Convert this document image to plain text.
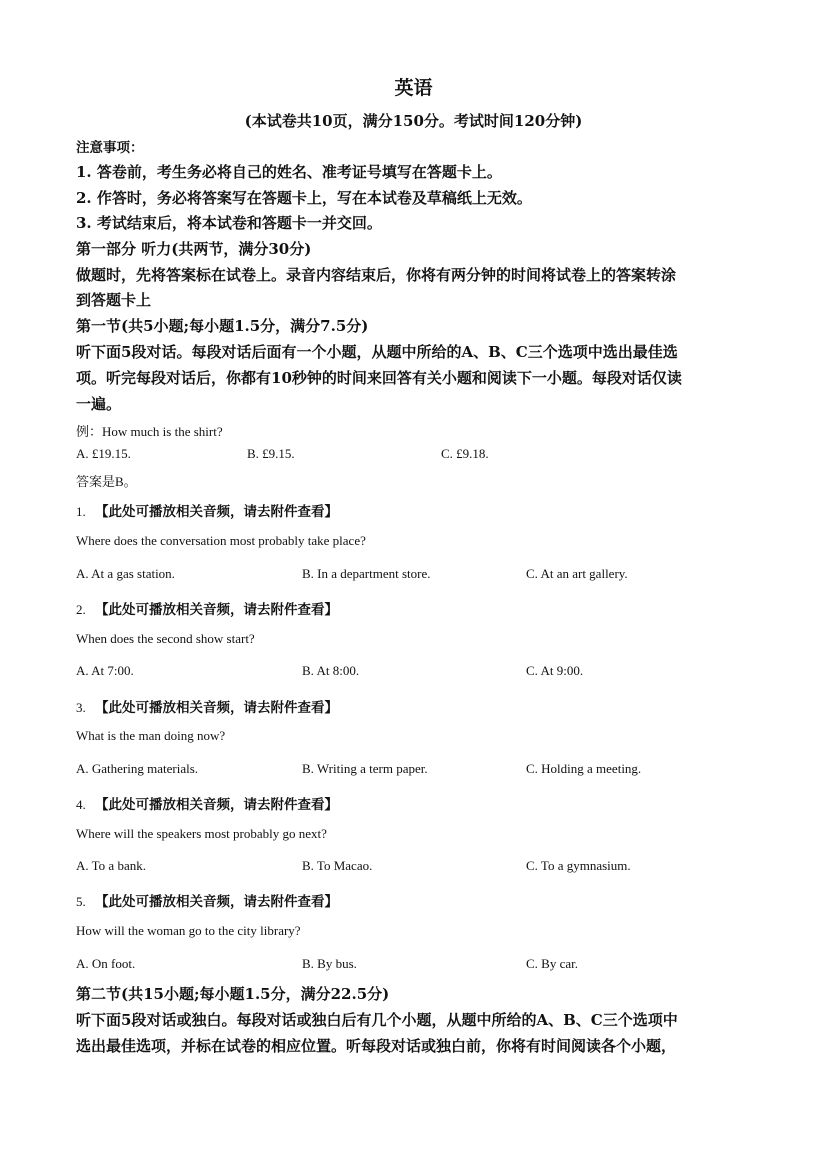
英语
(本试卷共10页，满分150分。考试时间120分钟)
注意事项：
1. 答卷前，考生务必将自己的姓名、准考证号填写在答题卡上。
2. 作答时，务必将答案写在答题卡上，写在本试卷及草稿纸上无效。
3. 考试结束后，将本试卷和答题卡一并交回。
第一部分 听力(共两节，满分30分)
做题时，先将答案标在试卷上。录音内容结束后，你将有两分钟的时间将试卷上的答案转涂
到答题卡上
第一节(共5小题;每小题1.5分，满分7.5分)
听下面5段对话。每段对话后面有一个小题，从题中所给的A、B、C三个选项中选出最佳选
项。听完每段对话后，你都有10秒钟的时间来回答有关小题和阅读下一小题。每段对话仅读
一遍。
例：How much is the shirt?
A. £19.15.	B. £9.15.	C. £9.18.
答案是B。
1. 【此处可播放相关音频，请去附件查看】
Where does the conversation most probably take place?
A. At a gas station.	B. In a department store.	C. At an art gallery.
2. 【此处可播放相关音频，请去附件查看】
When does the second show start?
A. At 7:00.	B. At 8:00.	C. At 9:00.
3. 【此处可播放相关音频，请去附件查看】
What is the man doing now?
A. Gathering materials.	B. Writing a term paper.	C. Holding a meeting.
4. 【此处可播放相关音频，请去附件查看】
Where will the speakers most probably go next?
A. To a bank.	B. To Macao.	C. To a gymnasium.
5. 【此处可播放相关音频，请去附件查看】
How will the woman go to the city library?
A. On foot.	B. By bus.	C. By car.
第二节(共15小题;每小题1.5分，满分22.5分)
听下面5段对话或独白。每段对话或独白后有几个小题，从题中所给的A、B、C三个选项中
选出最佳选项，并标在试卷的相应位置。听每段对话或独白前，你将有时间阅读各个小题，
